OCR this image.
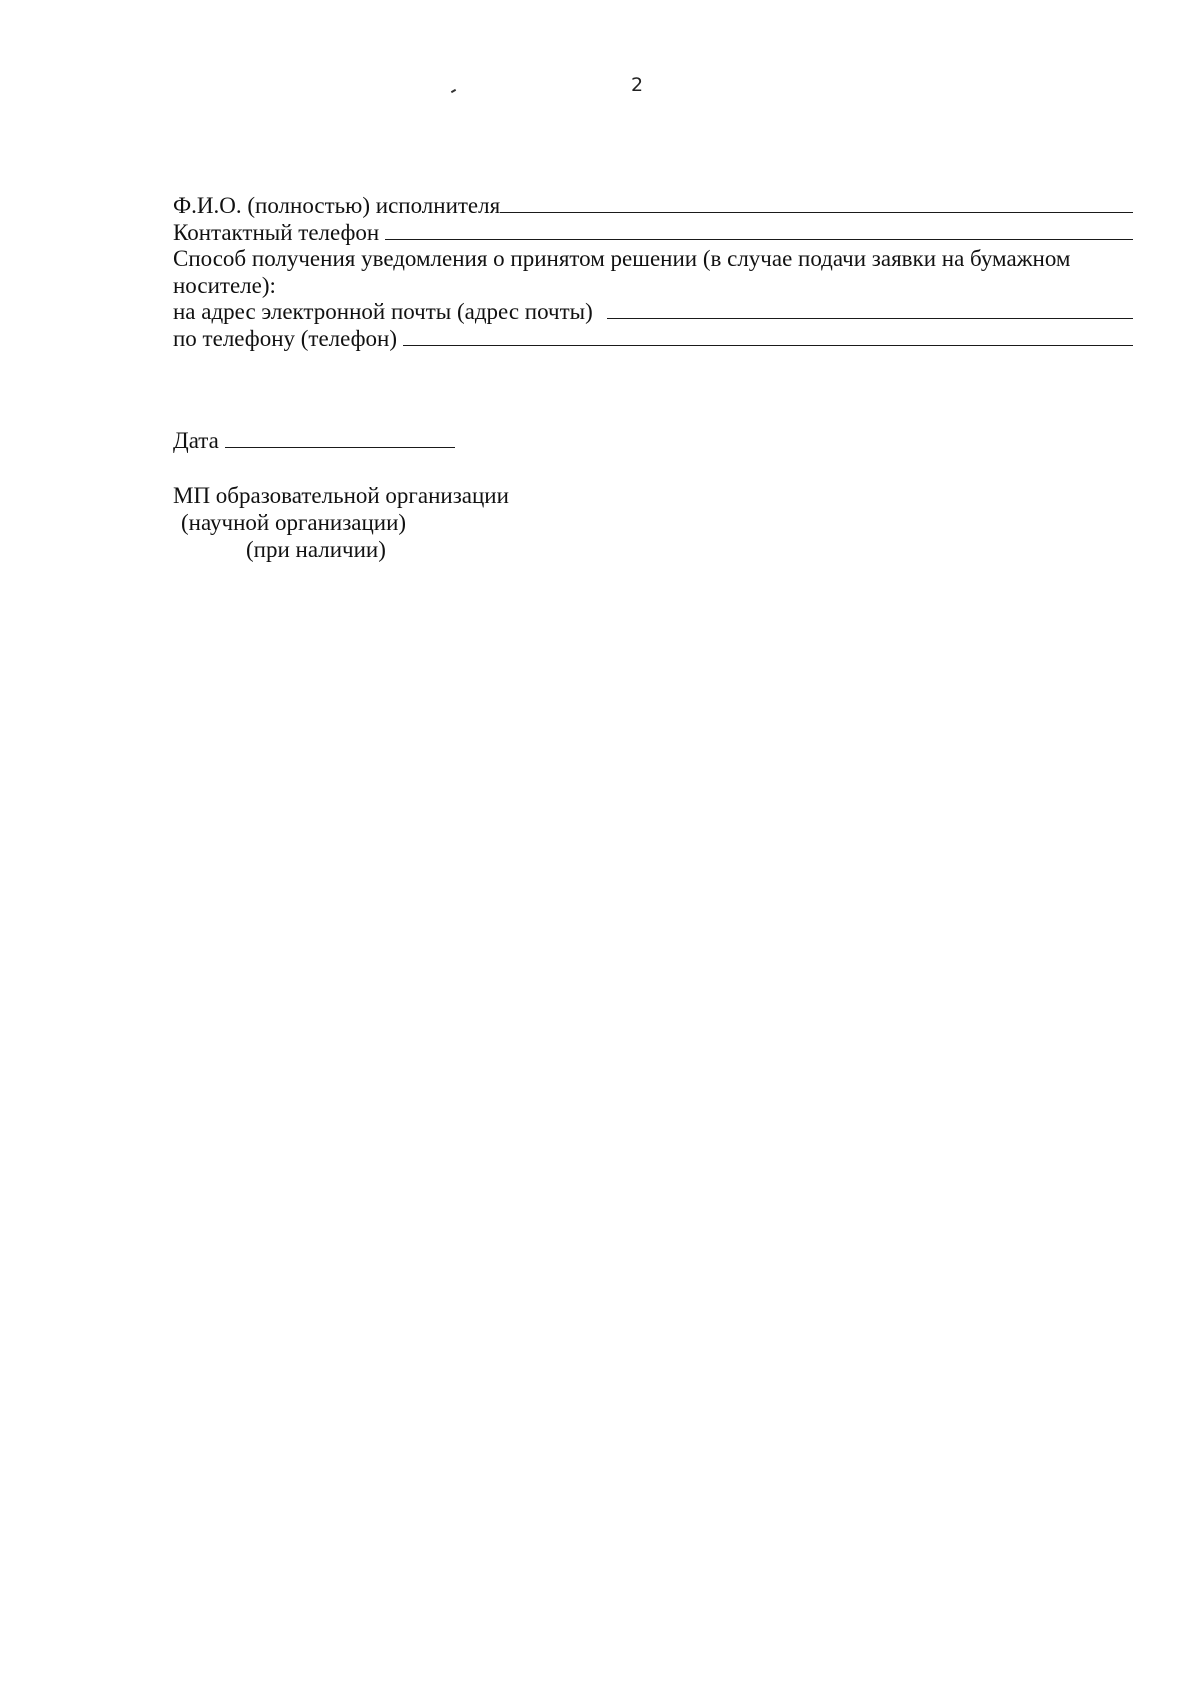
2
Ф.И.О. (полностью) исполнителя
Контактный телефон
Способ получения уведомления о принятом решении (в случае подачи заявки на бумажном носителе):
на адрес электронной почты (адрес почты)
по телефону (телефон)
Дата
МП образовательной организации
(научной организации)
(при наличии)
